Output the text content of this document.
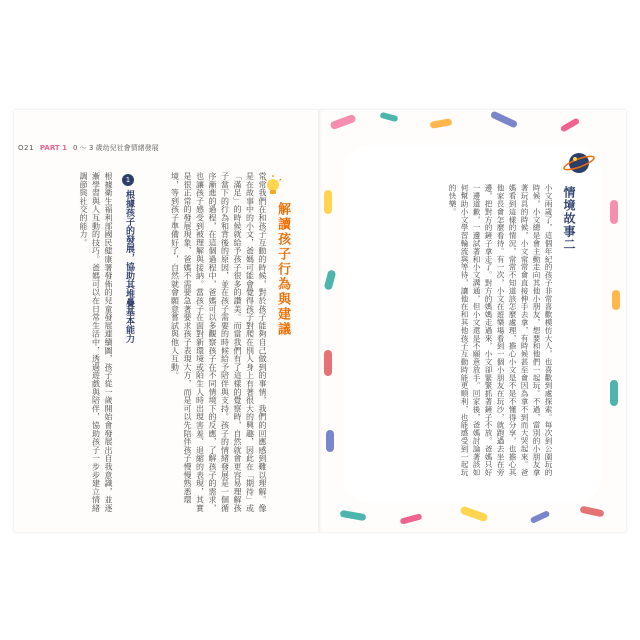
O21 PART 1 0 ～ 3 歲幼兒社會情緒發展
解讀孩子行為與建議
常常我們在和孩子互動的時候，對於孩子能夠自己做到的事情，我們的回應感到難以理解。像是在故事中的小文，爸媽可能會覺得孩子對爬在別人身上有著很大的興趣，因此在「期待」或「滿足」的時候就給予孩子很多的讚美。而當我們有了這樣的覺察時，自然就會更容易理解孩子當下的行為和背後的原因，並在孩子需要的時候給予陪伴與支持。孩子的情緒發展是一個循序漸進的過程，在這個過程中，爸媽可以多觀察孩子在不同情境下的反應，了解孩子的需求，也讓孩子感受到被理解與接納。當孩子在面對新環境或陌生人時出現害羞、退縮的表現，其實是很正常的發展現象，爸媽不需要急著要求孩子表現大方，而是可以先陪伴孩子慢慢熟悉環境，等到孩子準備好了，自然就會願意嘗試與他人互動。
1
根據孩子的發展，協助其堆疊基本能力
根據衛生福利部國民健康署發佈的兒童發展連續圖，孩子從一歲開始會發展出自我意識，並逐漸學習與人互動的技巧。爸媽可以在日常生活中，透過遊戲與陪伴，協助孩子一步步建立情緒調節與社交的能力。	情境故事二
小文兩歲了，這個年紀的孩子非常喜歡模仿大人，也喜歡到處探索。每次到公園玩的時候，小文總是會主動走向其他小朋友，想要和他們一起玩。不過，當別的小朋友拿著玩具的時候，小文常常會直接伸手去拿，有時候甚至會因為拿不到而大哭起來。爸媽看到這樣的情況，常常不知道該怎麼處理，擔心小文是不是不懂得分享，也擔心其他家長會怎麼看待。有一次，小文在遊樂場看到一個小朋友在玩沙，就跑過去坐在旁邊，把對方的鏟子拿走了。對方的媽媽走過來，小文卻緊緊抓著鏟子不放。爸媽只好一邊道歉，一邊試著和小文溝通，但小文還是不願意放手。回家後，爸媽討論著該如何幫助小文學習輪流與等待，讓他在和其他孩子互動時能更順利，也能感受到一起玩的快樂。
